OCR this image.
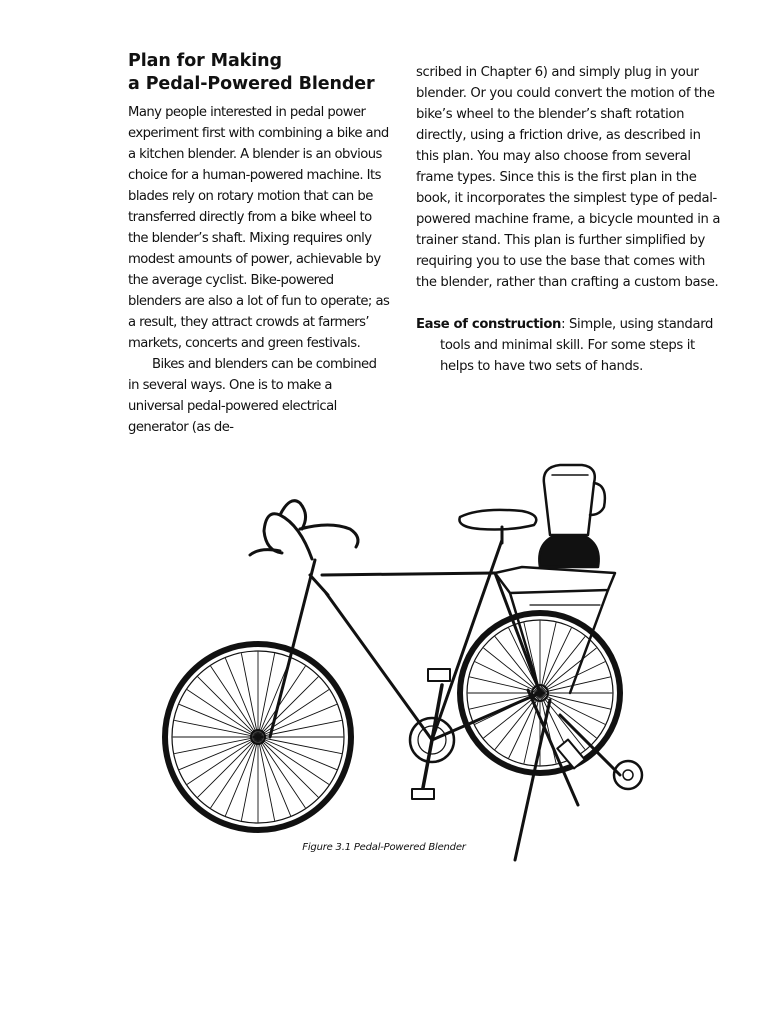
Plan for Making
a Pedal-Powered Blender

Many people interested in pedal power experiment first with combining a bike and a kitchen blender. A blender is an obvious choice for a human-powered machine. Its blades rely on rotary motion that can be transferred directly from a bike wheel to the blender’s shaft. Mixing requires only modest amounts of power, achievable by the average cyclist. Bike-powered blenders are also a lot of fun to operate; as a result, they attract crowds at farmers’ markets, concerts and green festivals.

Bikes and blenders can be combined in several ways. One is to make a universal pedal-powered electrical generator (as de-

scribed in Chapter 6) and simply plug in your blender. Or you could convert the motion of the bike’s wheel to the blender’s shaft rotation directly, using a friction drive, as described in this plan. You may also choose from several frame types. Since this is the first plan in the book, it incorporates the simplest type of pedal-powered machine frame, a bicycle mounted in a trainer stand. This plan is further simplified by requiring you to use the base that comes with the blender, rather than crafting a custom base.

Ease of construction: Simple, using standard tools and minimal skill. For some steps it helps to have two sets of hands.

Figure 3.1 Pedal-Powered Blender
